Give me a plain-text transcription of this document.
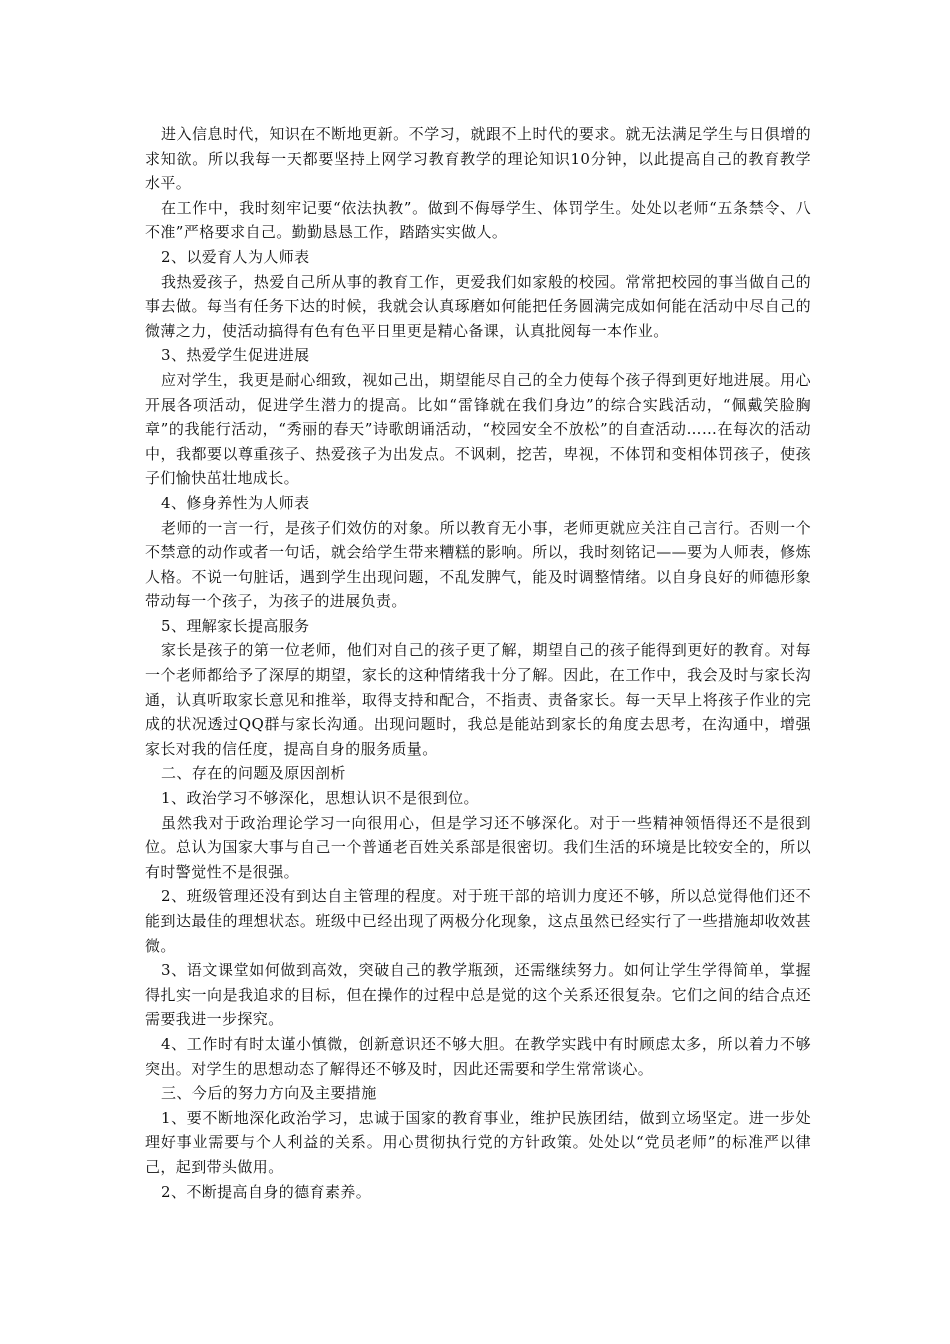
进入信息时代，知识在不断地更新。不学习，就跟不上时代的要求。就无法满足学生与日俱增的求知欲。所以我每一天都要坚持上网学习教育教学的理论知识10分钟，以此提高自己的教育教学水平。

在工作中，我时刻牢记要“依法执教”。做到不侮辱学生、体罚学生。处处以老师“五条禁令、八不准”严格要求自己。勤勤恳恳工作，踏踏实实做人。

2、以爱育人为人师表

我热爱孩子，热爱自己所从事的教育工作，更爱我们如家般的校园。常常把校园的事当做自己的事去做。每当有任务下达的时候，我就会认真琢磨如何能把任务圆满完成如何能在活动中尽自己的微薄之力，使活动搞得有色有色平日里更是精心备课，认真批阅每一本作业。

3、热爱学生促进进展

应对学生，我更是耐心细致，视如己出，期望能尽自己的全力使每个孩子得到更好地进展。用心开展各项活动，促进学生潜力的提高。比如“雷锋就在我们身边”的综合实践活动，“佩戴笑脸胸章”的我能行活动，“秀丽的春天”诗歌朗诵活动，“校园安全不放松”的自查活动……在每次的活动中，我都要以尊重孩子、热爱孩子为出发点。不讽刺，挖苦，卑视，不体罚和变相体罚孩子，使孩子们愉快茁壮地成长。

4、修身养性为人师表

老师的一言一行，是孩子们效仿的对象。所以教育无小事，老师更就应关注自己言行。否则一个不禁意的动作或者一句话，就会给学生带来糟糕的影响。所以，我时刻铭记——要为人师表，修炼人格。不说一句脏话，遇到学生出现问题，不乱发脾气，能及时调整情绪。以自身良好的师德形象带动每一个孩子，为孩子的进展负责。

5、理解家长提高服务

家长是孩子的第一位老师，他们对自己的孩子更了解，期望自己的孩子能得到更好的教育。对每一个老师都给予了深厚的期望，家长的这种情绪我十分了解。因此，在工作中，我会及时与家长沟通，认真听取家长意见和推举，取得支持和配合，不指责、责备家长。每一天早上将孩子作业的完成的状况透过QQ群与家长沟通。出现问题时，我总是能站到家长的角度去思考，在沟通中，增强家长对我的信任度，提高自身的服务质量。

二、存在的问题及原因剖析

1、政治学习不够深化，思想认识不是很到位。

虽然我对于政治理论学习一向很用心，但是学习还不够深化。对于一些精神领悟得还不是很到位。总认为国家大事与自己一个普通老百姓关系部是很密切。我们生活的环境是比较安全的，所以有时警觉性不是很强。

2、班级管理还没有到达自主管理的程度。对于班干部的培训力度还不够，所以总觉得他们还不能到达最佳的理想状态。班级中已经出现了两极分化现象，这点虽然已经实行了一些措施却收效甚微。

3、语文课堂如何做到高效，突破自己的教学瓶颈，还需继续努力。如何让学生学得简单，掌握得扎实一向是我追求的目标，但在操作的过程中总是觉的这个关系还很复杂。它们之间的结合点还需要我进一步探究。

4、工作时有时太谨小慎微，创新意识还不够大胆。在教学实践中有时顾虑太多，所以着力不够突出。对学生的思想动态了解得还不够及时，因此还需要和学生常常谈心。

三、今后的努力方向及主要措施

1、要不断地深化政治学习，忠诚于国家的教育事业，维护民族团结，做到立场坚定。进一步处理好事业需要与个人利益的关系。用心贯彻执行党的方针政策。处处以“党员老师”的标准严以律己，起到带头做用。

2、不断提高自身的德育素养。
